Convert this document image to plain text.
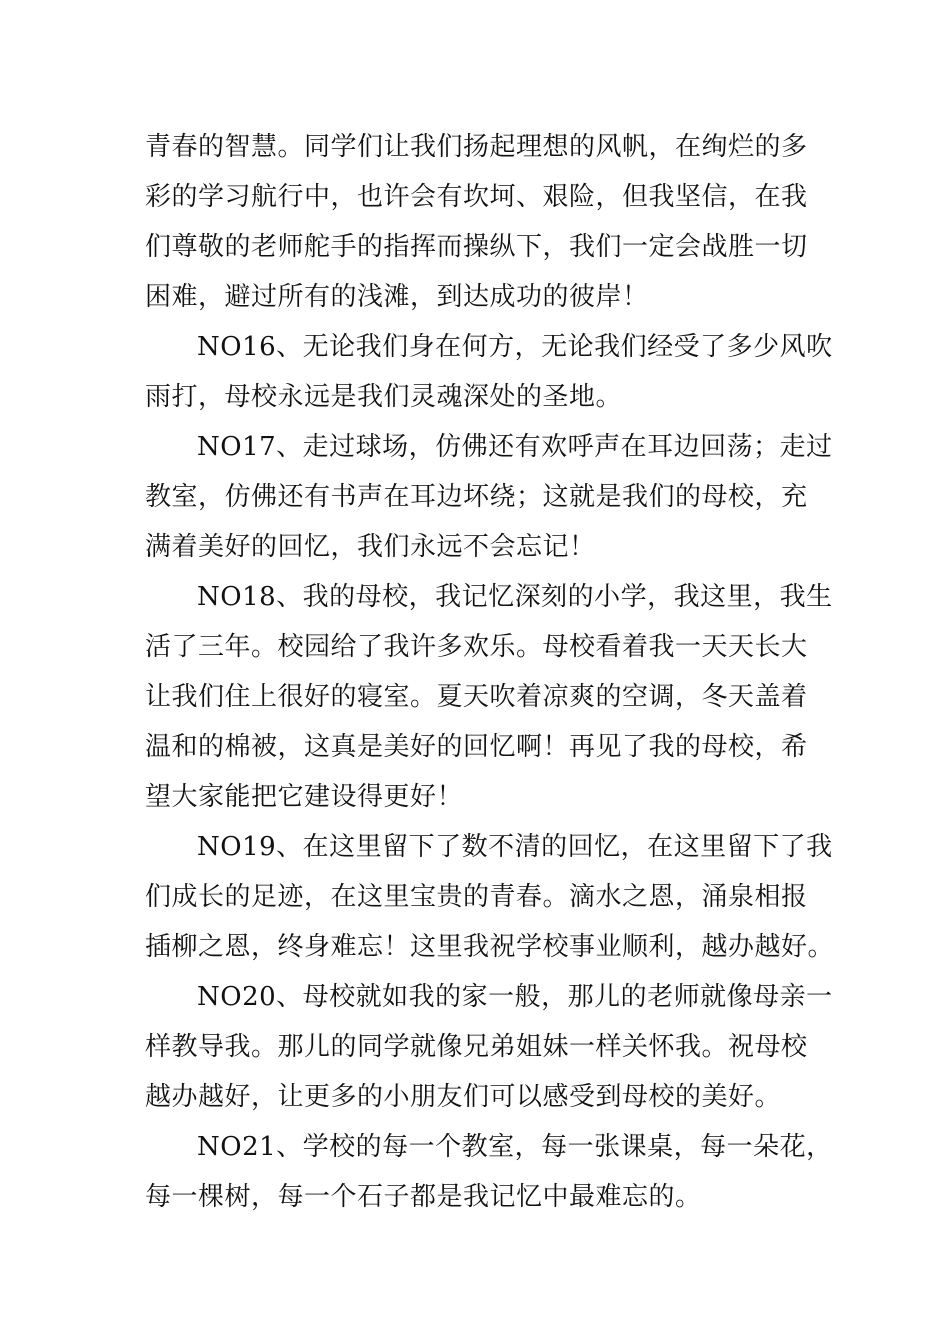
青春的智慧。同学们让我们扬起理想的风帆，在绚烂的多
彩的学习航行中，也许会有坎坷、艰险，但我坚信，在我
们尊敬的老师舵手的指挥而操纵下，我们一定会战胜一切
困难，避过所有的浅滩，到达成功的彼岸！
NO16、无论我们身在何方，无论我们经受了多少风吹
雨打，母校永远是我们灵魂深处的圣地。
NO17、走过球场，仿佛还有欢呼声在耳边回荡；走过
教室，仿佛还有书声在耳边坏绕；这就是我们的母校，充
满着美好的回忆，我们永远不会忘记！
NO18、我的母校，我记忆深刻的小学，我这里，我生
活了三年。校园给了我许多欢乐。母校看着我一天天长大
让我们住上很好的寝室。夏天吹着凉爽的空调，冬天盖着
温和的棉被，这真是美好的回忆啊！再见了我的母校，希
望大家能把它建设得更好！
NO19、在这里留下了数不清的回忆，在这里留下了我
们成长的足迹，在这里宝贵的青春。滴水之恩，涌泉相报
插柳之恩，终身难忘！这里我祝学校事业顺利，越办越好。
NO20、母校就如我的家一般，那儿的老师就像母亲一
样教导我。那儿的同学就像兄弟姐妹一样关怀我。祝母校
越办越好，让更多的小朋友们可以感受到母校的美好。
NO21、学校的每一个教室，每一张课桌，每一朵花，
每一棵树，每一个石子都是我记忆中最难忘的。
